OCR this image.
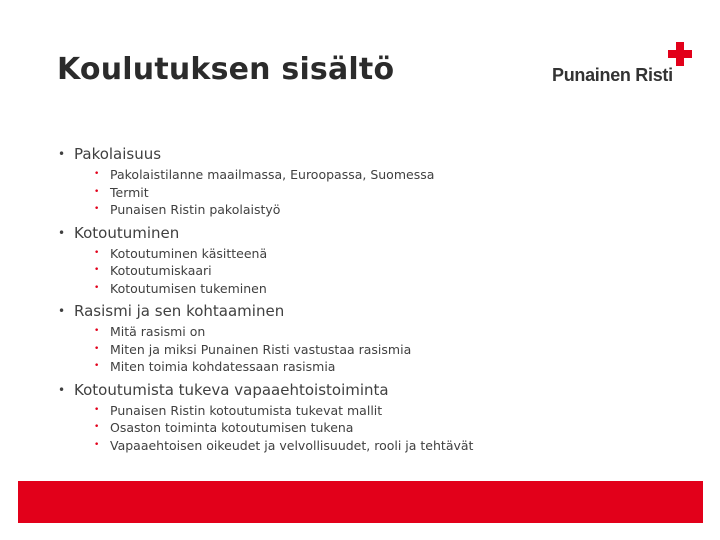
Koulutuksen sisältö	Punainen Risti
• Pakolaisuus
• Pakolaistilanne maailmassa, Euroopassa, Suomessa
• Termit
• Punaisen Ristin pakolaistyö
• Kotoutuminen
• Kotoutuminen käsitteenä
• Kotoutumiskaari
• Kotoutumisen tukeminen
• Rasismi ja sen kohtaaminen
• Mitä rasismi on
• Miten ja miksi Punainen Risti vastustaa rasismia
• Miten toimia kohdatessaan rasismia
• Kotoutumista tukeva vapaaehtoistoiminta
• Punaisen Ristin kotoutumista tukevat mallit
• Osaston toiminta kotoutumisen tukena
• Vapaaehtoisen oikeudet ja velvollisuudet, rooli ja tehtävät
